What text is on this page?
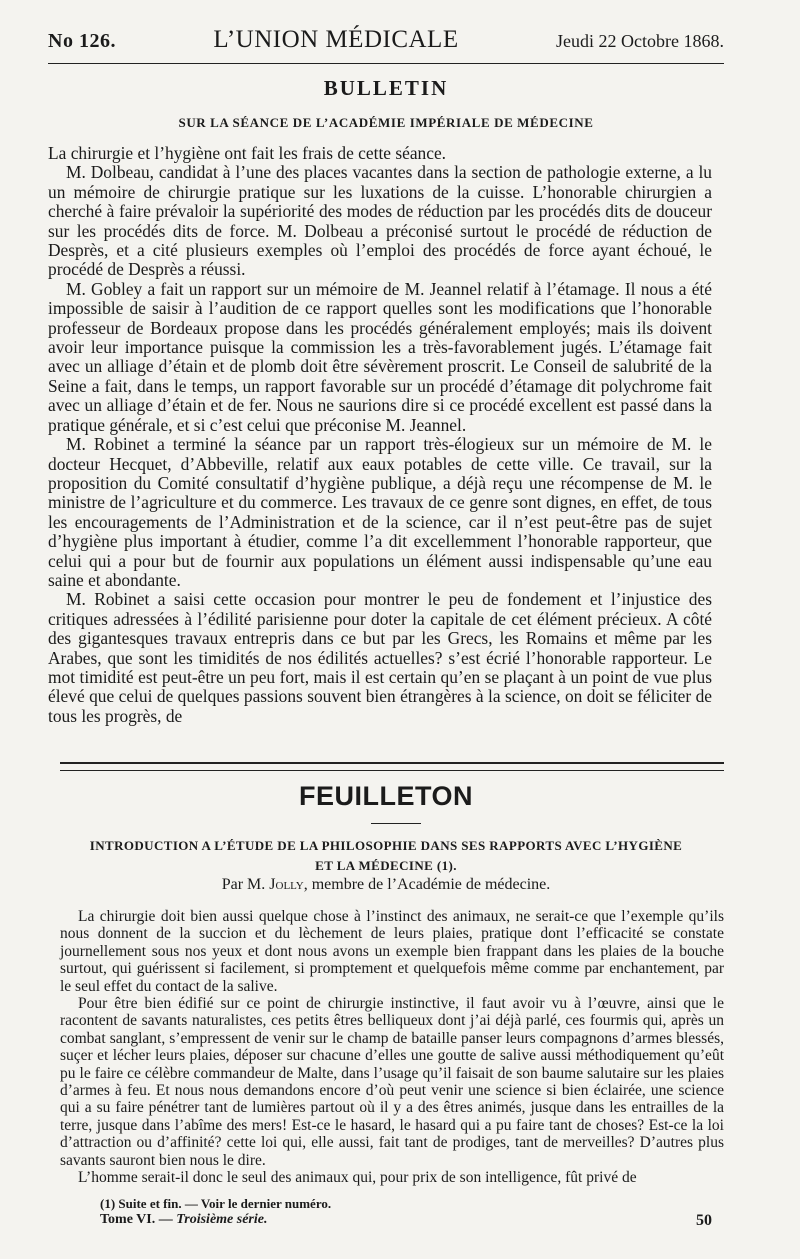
No 126.	L’UNION MÉDICALE	Jeudi 22 Octobre 1868.
BULLETIN
SUR LA SÉANCE DE L’ACADÉMIE IMPÉRIALE DE MÉDECINE

La chirurgie et l’hygiène ont fait les frais de cette séance.

M. Dolbeau, candidat à l’une des places vacantes dans la section de pathologie externe, a lu un mémoire de chirurgie pratique sur les luxations de la cuisse. L’honorable chirurgien a cherché à faire prévaloir la supériorité des modes de réduction par les procédés dits de douceur sur les procédés dits de force. M. Dolbeau a préconisé surtout le procédé de réduction de Desprès, et a cité plusieurs exemples où l’emploi des procédés de force ayant échoué, le procédé de Desprès a réussi.

M. Gobley a fait un rapport sur un mémoire de M. Jeannel relatif à l’étamage. Il nous a été impossible de saisir à l’audition de ce rapport quelles sont les modifications que l’honorable professeur de Bordeaux propose dans les procédés généralement employés; mais ils doivent avoir leur importance puisque la commission les a très-favorablement jugés. L’étamage fait avec un alliage d’étain et de plomb doit être sévèrement proscrit. Le Conseil de salubrité de la Seine a fait, dans le temps, un rapport favorable sur un procédé d’étamage dit polychrome fait avec un alliage d’étain et de fer. Nous ne saurions dire si ce procédé excellent est passé dans la pratique générale, et si c’est celui que préconise M. Jeannel.

M. Robinet a terminé la séance par un rapport très-élogieux sur un mémoire de M. le docteur Hecquet, d’Abbeville, relatif aux eaux potables de cette ville. Ce travail, sur la proposition du Comité consultatif d’hygiène publique, a déjà reçu une récompense de M. le ministre de l’agriculture et du commerce. Les travaux de ce genre sont dignes, en effet, de tous les encouragements de l’Administration et de la science, car il n’est peut-être pas de sujet d’hygiène plus important à étudier, comme l’a dit excellemment l’honorable rapporteur, que celui qui a pour but de fournir aux populations un élément aussi indispensable qu’une eau saine et abondante.

M. Robinet a saisi cette occasion pour montrer le peu de fondement et l’injustice des critiques adressées à l’édilité parisienne pour doter la capitale de cet élément précieux. A côté des gigantesques travaux entrepris dans ce but par les Grecs, les Romains et même par les Arabes, que sont les timidités de nos édilités actuelles? s’est écrié l’honorable rapporteur. Le mot timidité est peut-être un peu fort, mais il est certain qu’en se plaçant à un point de vue plus élevé que celui de quelques passions souvent bien étrangères à la science, on doit se féliciter de tous les progrès, de

FEUILLETON
INTRODUCTION A L’ÉTUDE DE LA PHILOSOPHIE DANS SES RAPPORTS AVEC L’HYGIÈNE
ET LA MÉDECINE (1).
Par M. Jolly, membre de l’Académie de médecine.

La chirurgie doit bien aussi quelque chose à l’instinct des animaux, ne serait-ce que l’exemple qu’ils nous donnent de la succion et du lèchement de leurs plaies, pratique dont l’efficacité se constate journellement sous nos yeux et dont nous avons un exemple bien frappant dans les plaies de la bouche surtout, qui guérissent si facilement, si promptement et quelquefois même comme par enchantement, par le seul effet du contact de la salive.

Pour être bien édifié sur ce point de chirurgie instinctive, il faut avoir vu à l’œuvre, ainsi que le racontent de savants naturalistes, ces petits êtres belliqueux dont j’ai déjà parlé, ces fourmis qui, après un combat sanglant, s’empressent de venir sur le champ de bataille panser leurs compagnons d’armes blessés, suçer et lécher leurs plaies, déposer sur chacune d’elles une goutte de salive aussi méthodiquement qu’eût pu le faire ce célèbre commandeur de Malte, dans l’usage qu’il faisait de son baume salutaire sur les plaies d’armes à feu. Et nous nous demandons encore d’où peut venir une science si bien éclairée, une science qui a su faire pénétrer tant de lumières partout où il y a des êtres animés, jusque dans les entrailles de la terre, jusque dans l’abîme des mers! Est-ce le hasard, le hasard qui a pu faire tant de choses? Est-ce la loi d’attraction ou d’affinité? cette loi qui, elle aussi, fait tant de prodiges, tant de merveilles? D’autres plus savants sauront bien nous le dire.

L’homme serait-il donc le seul des animaux qui, pour prix de son intelligence, fût privé de

(1) Suite et fin. — Voir le dernier numéro.
Tome VI. — Troisième série.	50
